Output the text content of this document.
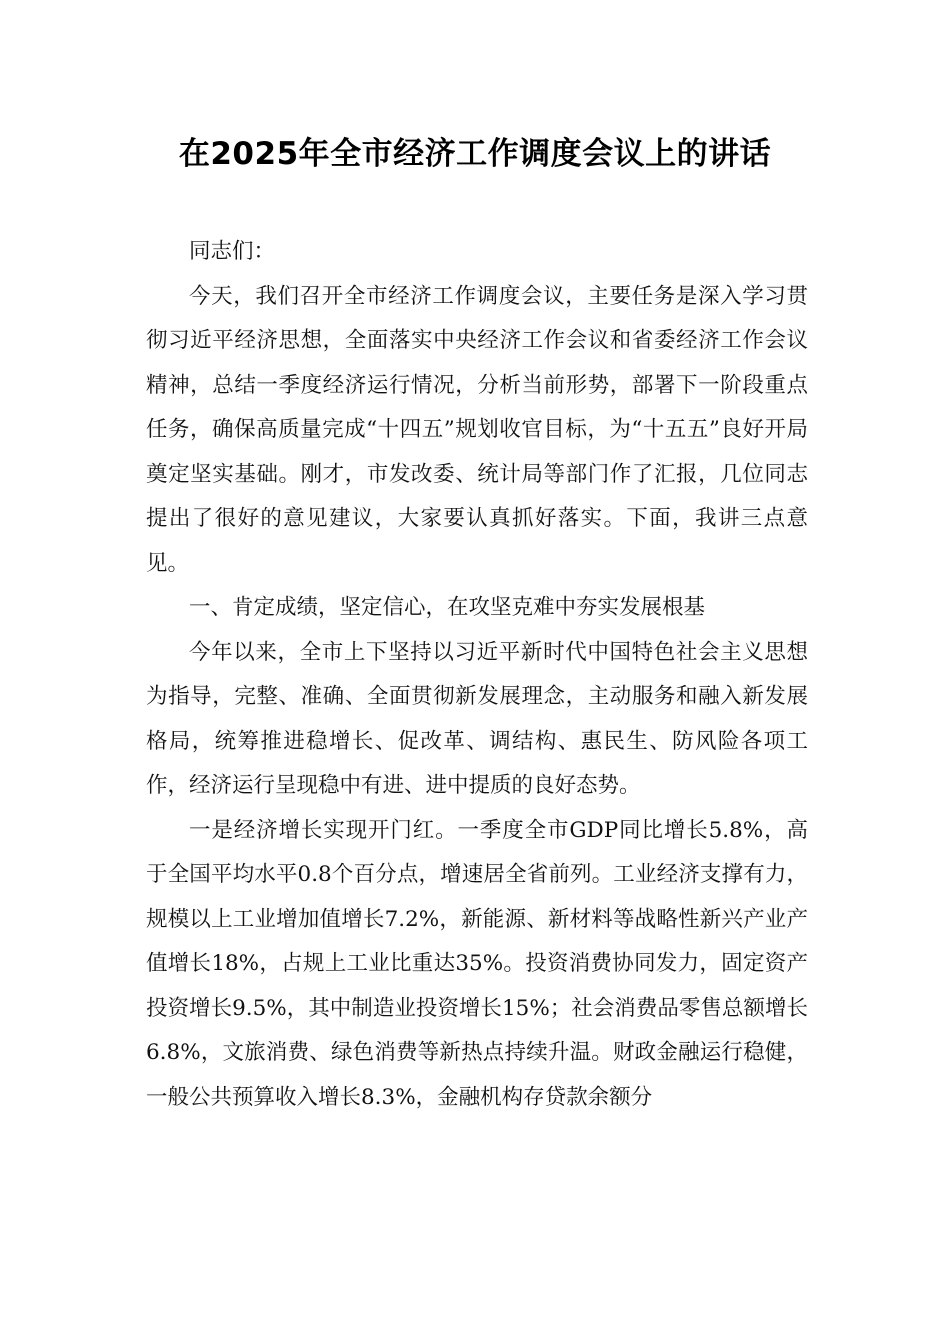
在2025年全市经济工作调度会议上的讲话

同志们：

今天，我们召开全市经济工作调度会议，主要任务是深入学习贯彻习近平经济思想，全面落实中央经济工作会议和省委经济工作会议精神，总结一季度经济运行情况，分析当前形势，部署下一阶段重点任务，确保高质量完成“十四五”规划收官目标，为“十五五”良好开局奠定坚实基础。刚才，市发改委、统计局等部门作了汇报，几位同志提出了很好的意见建议，大家要认真抓好落实。下面，我讲三点意见。

一、肯定成绩，坚定信心，在攻坚克难中夯实发展根基

今年以来，全市上下坚持以习近平新时代中国特色社会主义思想为指导，完整、准确、全面贯彻新发展理念，主动服务和融入新发展格局，统筹推进稳增长、促改革、调结构、惠民生、防风险各项工作，经济运行呈现稳中有进、进中提质的良好态势。

一是经济增长实现开门红。一季度全市GDP同比增长5.8%，高于全国平均水平0.8个百分点，增速居全省前列。工业经济支撑有力，规模以上工业增加值增长7.2%，新能源、新材料等战略性新兴产业产值增长18%，占规上工业比重达35%。投资消费协同发力，固定资产投资增长9.5%，其中制造业投资增长15%；社会消费品零售总额增长6.8%，文旅消费、绿色消费等新热点持续升温。财政金融运行稳健，一般公共预算收入增长8.3%，金融机构存贷款余额分
